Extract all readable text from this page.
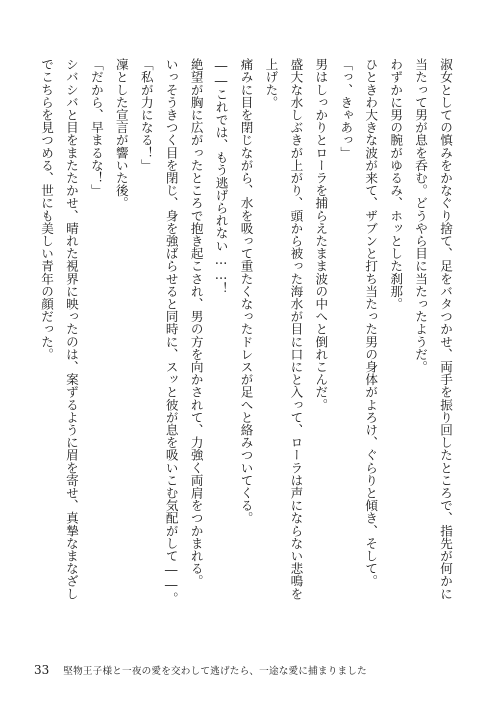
淑女としての慎みをかなぐり捨て、足をバタつかせ、両手を振り回したところで、指先が何かに
当たって男が息を呑む。どうやら目に当たったようだ。
わずかに男の腕がゆるみ、ホッとした刹那。
ひときわ大きな波が来て、ザブンと打ち当たった男の身体がよろけ、ぐらりと傾き、そして。
「っ、きゃあっ」
男はしっかりとローラを捕らえたまま波の中へと倒れこんだ。
盛大な水しぶきが上がり、頭から被った海水が目に口にと入って、ローラは声にならない悲鳴を
上げた。
痛みに目を閉じながら、水を吸って重たくなったドレスが足へと絡みついてくる。
――これでは、もう逃げられない……！
絶望が胸に広がったところで抱き起こされ、男の方を向かされて、力強く両肩をつかまれる。
いっそうきつく目を閉じ、身を強ばらせると同時に、スッと彼が息を吸いこむ気配がして――。
「私が力になる！」
凜とした宣言が響いた後。
「だから、早まるな！」
シバシバと目をまたたかせ、晴れた視界に映ったのは、案ずるように眉を寄せ、真摯なまなざし
でこちらを見つめる、世にも美しい青年の顔だった。
33 堅物王子様と一夜の愛を交わして逃げたら、一途な愛に捕まりました
